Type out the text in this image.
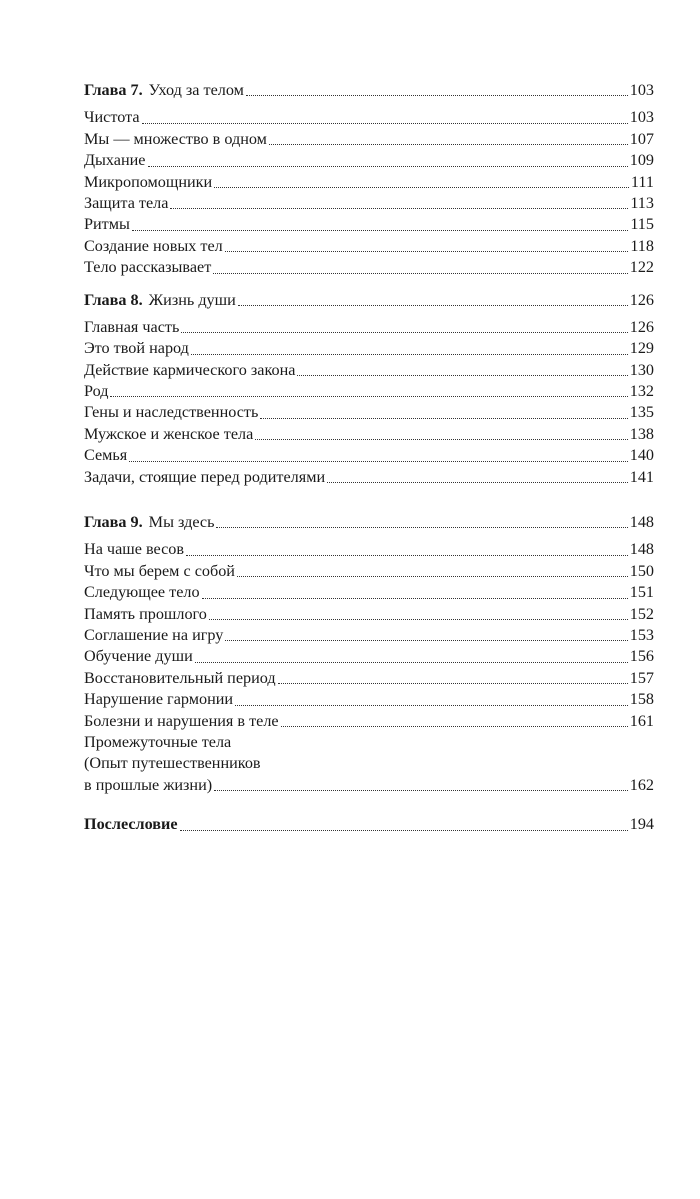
Глава 7. Уход за телом	103
Чистота	103
Мы — множество в одном	107
Дыхание	109
Микропомощники	111
Защита тела	113
Ритмы	115
Создание новых тел	118
Тело рассказывает	122
Глава 8. Жизнь души	126
Главная часть	126
Это твой народ	129
Действие кармического закона	130
Род	132
Гены и наследственность	135
Мужское и женское тела	138
Семья	140
Задачи, стоящие перед родителями	141
Глава 9. Мы здесь	148
На чаше весов	148
Что мы берем с собой	150
Следующее тело	151
Память прошлого	152
Соглашение на игру	153
Обучение души	156
Восстановительный период	157
Нарушение гармонии	158
Болезни и нарушения в теле	161
Промежуточные тела
(Опыт путешественников
в прошлые жизни)	162
Послесловие	194
